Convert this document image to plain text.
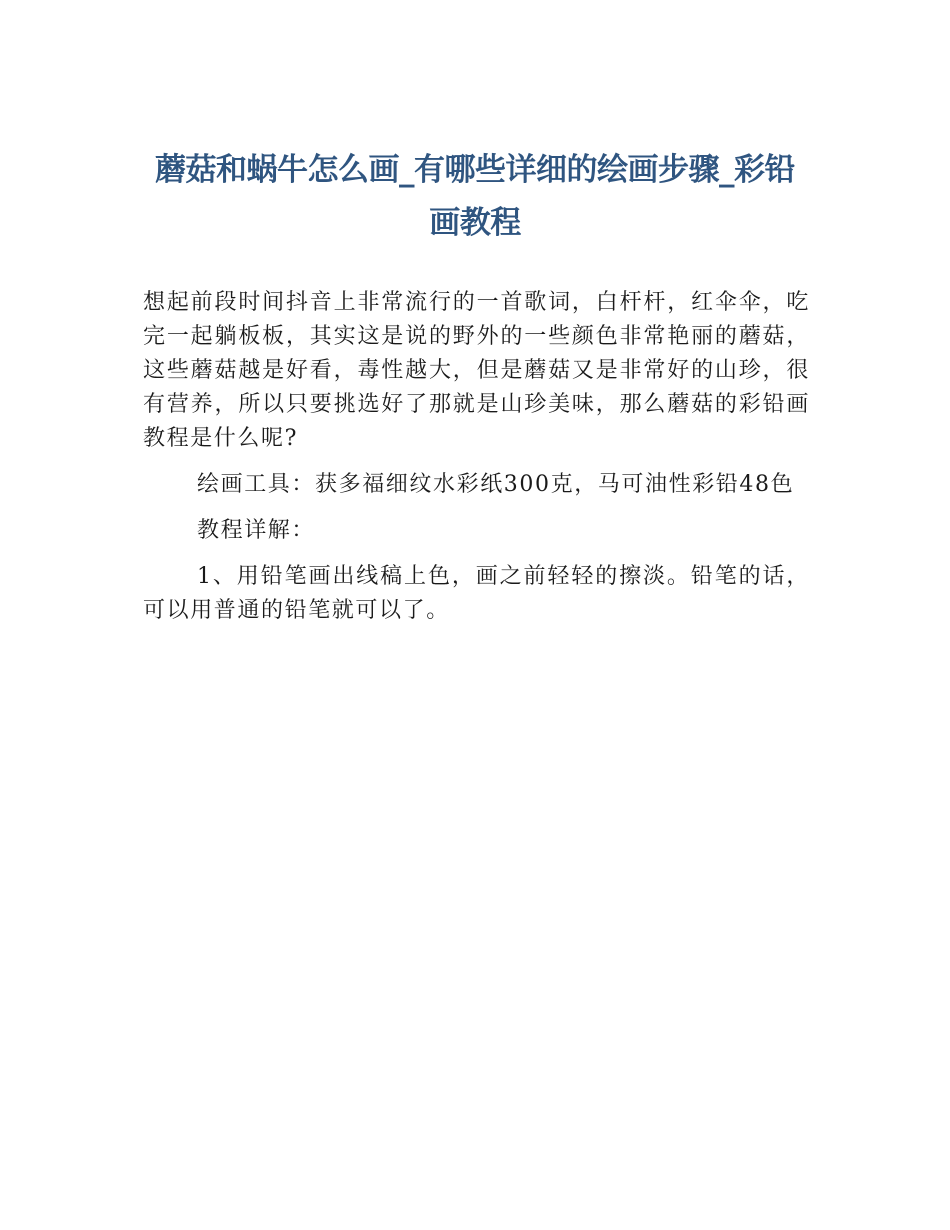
蘑菇和蜗牛怎么画_有哪些详细的绘画步骤_彩铅画教程

想起前段时间抖音上非常流行的一首歌词，白杆杆，红伞伞，吃完一起躺板板，其实这是说的野外的一些颜色非常艳丽的蘑菇，这些蘑菇越是好看，毒性越大，但是蘑菇又是非常好的山珍，很有营养，所以只要挑选好了那就是山珍美味，那么蘑菇的彩铅画教程是什么呢?

绘画工具：获多福细纹水彩纸300克，马可油性彩铅48色

教程详解：

1、用铅笔画出线稿上色，画之前轻轻的擦淡。铅笔的话，可以用普通的铅笔就可以了。
